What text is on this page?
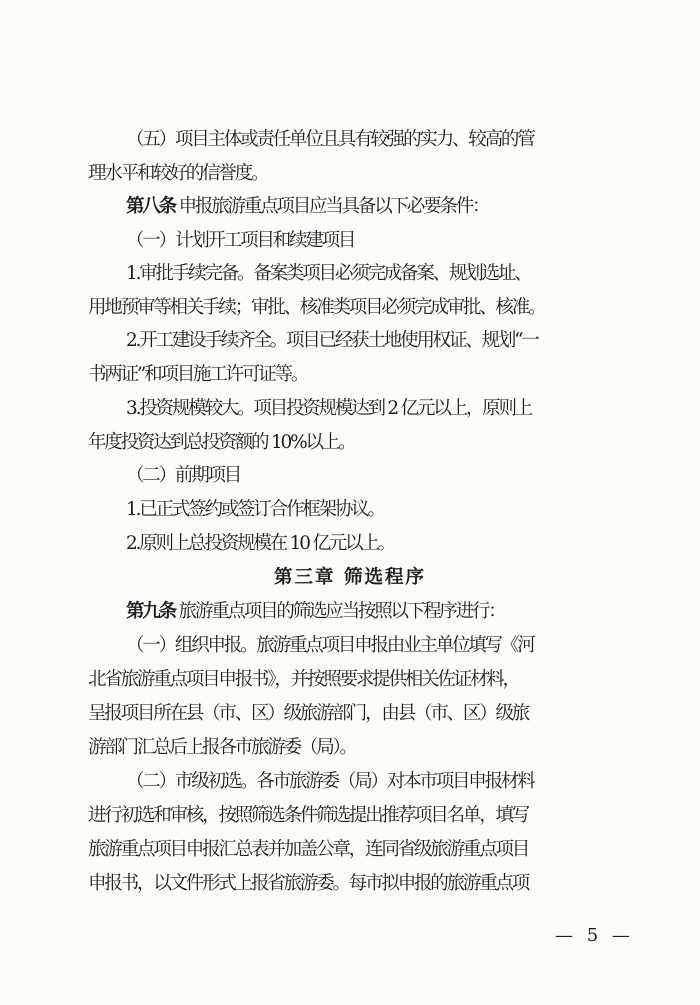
（五）项目主体或责任单位且具有较强的实力、较高的管
理水平和较好的信誉度。
第八条 申报旅游重点项目应当具备以下必要条件：
（一）计划开工项目和续建项目
1.审批手续完备。备案类项目必须完成备案、规划选址、
用地预审等相关手续；审批、核准类项目必须完成审批、核准。
2.开工建设手续齐全。项目已经获土地使用权证、规划“一
书两证”和项目施工许可证等。
3.投资规模较大。项目投资规模达到 2 亿元以上，原则上
年度投资达到总投资额的 10%以上。
（二）前期项目
1.已正式签约或签订合作框架协议。
2.原则上总投资规模在 10 亿元以上。
第三章 筛选程序
第九条 旅游重点项目的筛选应当按照以下程序进行：
（一）组织申报。旅游重点项目申报由业主单位填写《河
北省旅游重点项目申报书》，并按照要求提供相关佐证材料，
呈报项目所在县（市、区）级旅游部门，由县（市、区）级旅
游部门汇总后上报各市旅游委（局）。
（二）市级初选。各市旅游委（局）对本市项目申报材料
进行初选和审核，按照筛选条件筛选提出推荐项目名单，填写
旅游重点项目申报汇总表并加盖公章，连同省级旅游重点项目
申报书，以文件形式上报省旅游委。每市拟申报的旅游重点项
— 5 —
